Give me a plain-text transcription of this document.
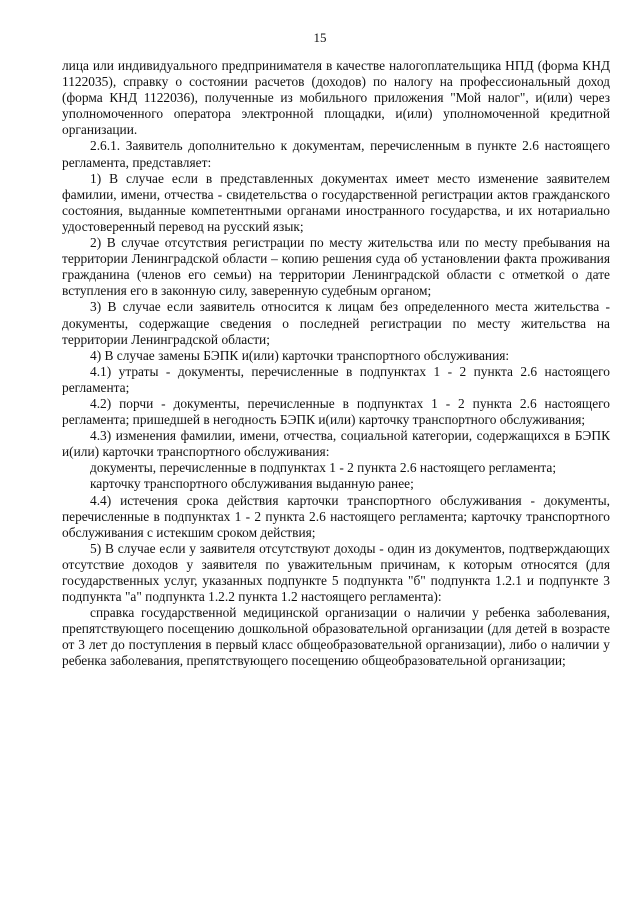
15

лица или индивидуального предпринимателя в качестве налогоплательщика НПД (форма КНД 1122035), справку о состоянии расчетов (доходов) по налогу на профессиональный доход (форма КНД 1122036), полученные из мобильного приложения "Мой налог", и(или) через уполномоченного оператора электронной площадки, и(или) уполномоченной кредитной организации.

2.6.1. Заявитель дополнительно к документам, перечисленным в пункте 2.6 настоящего регламента, представляет:

1) В случае если в представленных документах имеет место изменение заявителем фамилии, имени, отчества - свидетельства о государственной регистрации актов гражданского состояния, выданные компетентными органами иностранного государства, и их нотариально удостоверенный перевод на русский язык;

2) В случае отсутствия регистрации по месту жительства или по месту пребывания на территории Ленинградской области – копию решения суда об установлении факта проживания гражданина (членов его семьи) на территории Ленинградской области с отметкой о дате вступления его в законную силу, заверенную судебным органом;

3) В случае если заявитель относится к лицам без определенного места жительства - документы, содержащие сведения о последней регистрации по месту жительства на территории Ленинградской области;

4) В случае замены БЭПК и(или) карточки транспортного обслуживания:

4.1) утраты - документы, перечисленные в подпунктах 1 - 2 пункта 2.6 настоящего регламента;

4.2) порчи - документы, перечисленные в подпунктах 1 - 2 пункта 2.6 настоящего регламента; пришедшей в негодность БЭПК и(или) карточку транспортного обслуживания;

4.3) изменения фамилии, имени, отчества, социальной категории, содержащихся в БЭПК и(или) карточки транспортного обслуживания:

документы, перечисленные в подпунктах 1 - 2 пункта 2.6 настоящего регламента;

карточку транспортного обслуживания выданную ранее;

4.4) истечения срока действия карточки транспортного обслуживания - документы, перечисленные в подпунктах 1 - 2 пункта 2.6 настоящего регламента; карточку транспортного обслуживания с истекшим сроком действия;

5) В случае если у заявителя отсутствуют доходы - один из документов, подтверждающих отсутствие доходов у заявителя по уважительным причинам, к которым относятся (для государственных услуг, указанных подпункте 5 подпункта "б" подпункта 1.2.1 и подпункте 3 подпункта "а" подпункта 1.2.2 пункта 1.2 настоящего регламента):

справка государственной медицинской организации о наличии у ребенка заболевания, препятствующего посещению дошкольной образовательной организации (для детей в возрасте от 3 лет до поступления в первый класс общеобразовательной организации), либо о наличии у ребенка заболевания, препятствующего посещению общеобразовательной организации;
